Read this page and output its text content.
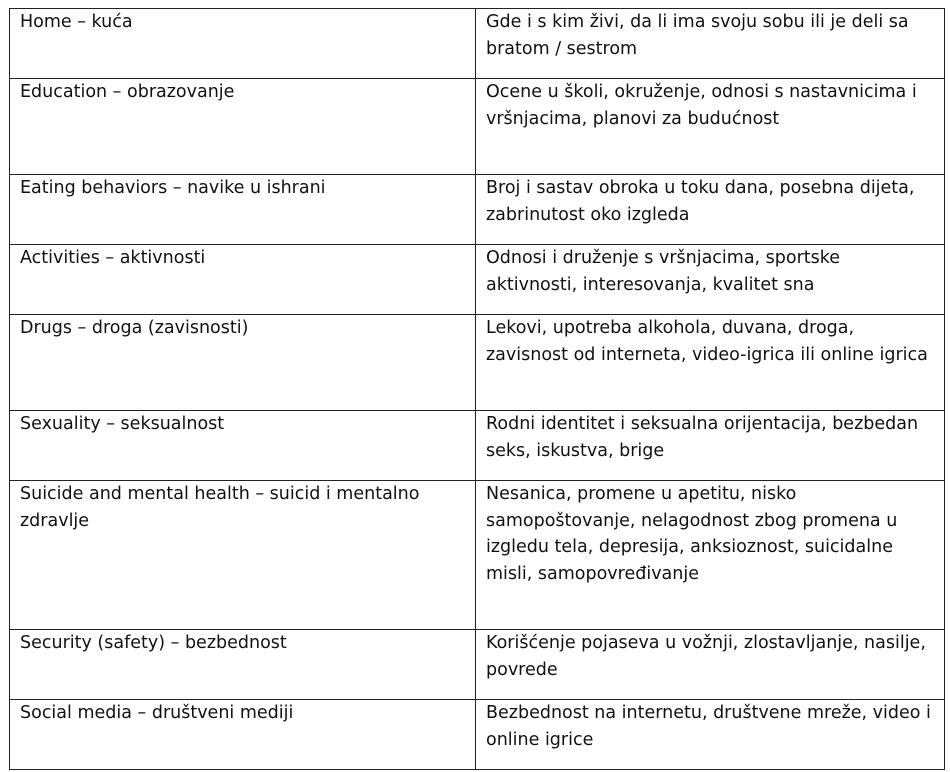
Home – kuća	Gde i s kim živi, da li ima svoju sobu ili je deli sa bratom / sestrom
Education – obrazovanje	Ocene u školi, okruženje, odnosi s nastavnicima i vršnjacima, planovi za budućnost
Eating behaviors – navike u ishrani	Broj i sastav obroka u toku dana, posebna dijeta, zabrinutost oko izgleda
Activities – aktivnosti	Odnosi i druženje s vršnjacima, sportske aktivnosti, interesovanja, kvalitet sna
Drugs – droga (zavisnosti)	Lekovi, upotreba alkohola, duvana, droga, zavisnost od interneta, video-igrica ili online igrica
Sexuality – seksualnost	Rodni identitet i seksualna orijentacija, bezbedan seks, iskustva, brige
Suicide and mental health – suicid i mentalno zdravlje	Nesanica, promene u apetitu, nisko samopoštovanje, nelagodnost zbog promena u izgledu tela, depresija, anksioznost, suicidalne misli, samopovređivanje
Security (safety) – bezbednost	Korišćenje pojaseva u vožnji, zlostavljanje, nasilje, povrede
Social media – društveni mediji	Bezbednost na internetu, društvene mreže, video i online igrice
